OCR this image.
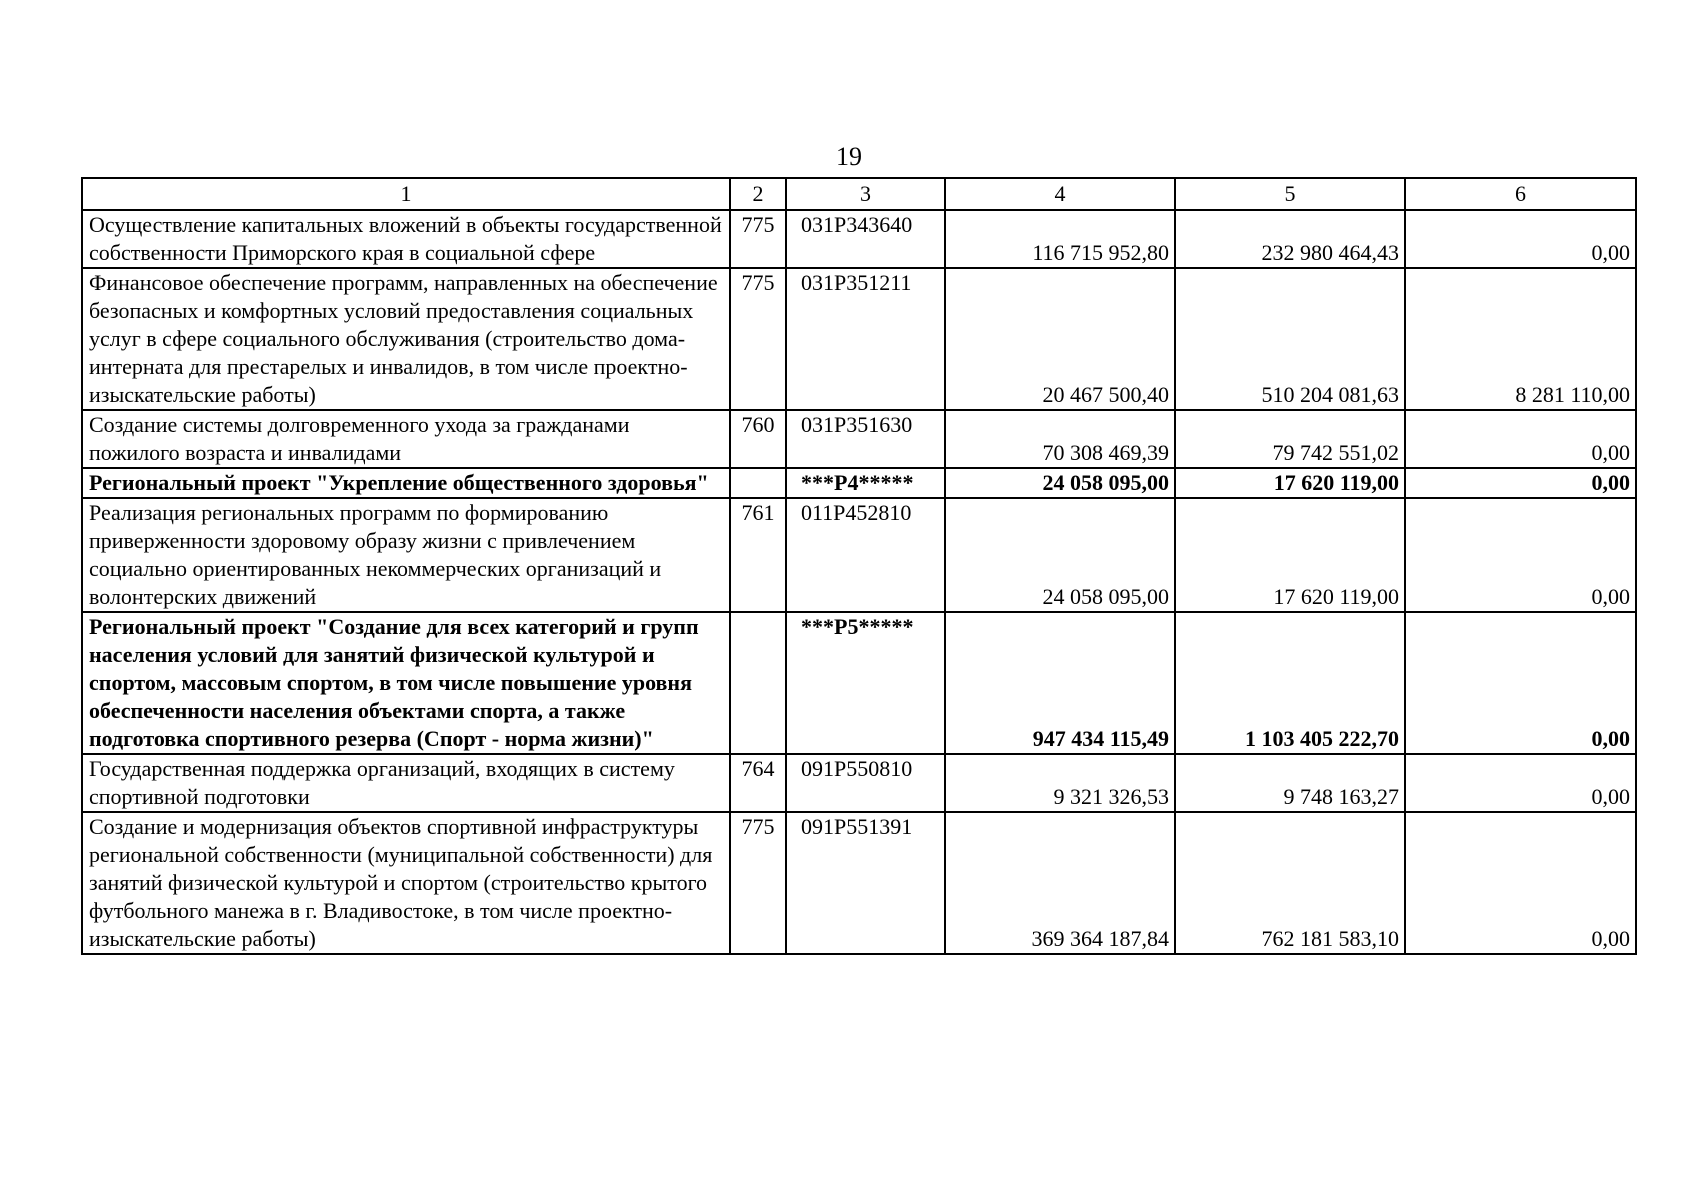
19
1	2	3	4	5	6
Осуществление капитальных вложений в объекты государственной собственности Приморского края в социальной сфере	775	031P343640	116 715 952,80	232 980 464,43	0,00
Финансовое обеспечение программ, направленных на обеспечение безопасных и комфортных условий предоставления социальных услуг в сфере социального обслуживания (строительство дома-интерната для престарелых и инвалидов, в том числе проектно-изыскательские работы)	775	031P351211	20 467 500,40	510 204 081,63	8 281 110,00
Создание системы долговременного ухода за гражданами пожилого возраста и инвалидами	760	031P351630	70 308 469,39	79 742 551,02	0,00
Региональный проект "Укрепление общественного здоровья"		***P4*****	24 058 095,00	17 620 119,00	0,00
Реализация региональных программ по формированию приверженности здоровому образу жизни с привлечением социально ориентированных некоммерческих организаций и волонтерских движений	761	011P452810	24 058 095,00	17 620 119,00	0,00
Региональный проект "Создание для всех категорий и групп населения условий для занятий физической культурой и спортом, массовым спортом, в том числе повышение уровня обеспеченности населения объектами спорта, а также подготовка спортивного резерва (Спорт - норма жизни)"		***P5*****	947 434 115,49	1 103 405 222,70	0,00
Государственная поддержка организаций, входящих в систему спортивной подготовки	764	091P550810	9 321 326,53	9 748 163,27	0,00
Создание и модернизация объектов спортивной инфраструктуры региональной собственности (муниципальной собственности) для занятий физической культурой и спортом (строительство крытого футбольного манежа в г. Владивостоке, в том числе проектно-изыскательские работы)	775	091P551391	369 364 187,84	762 181 583,10	0,00
